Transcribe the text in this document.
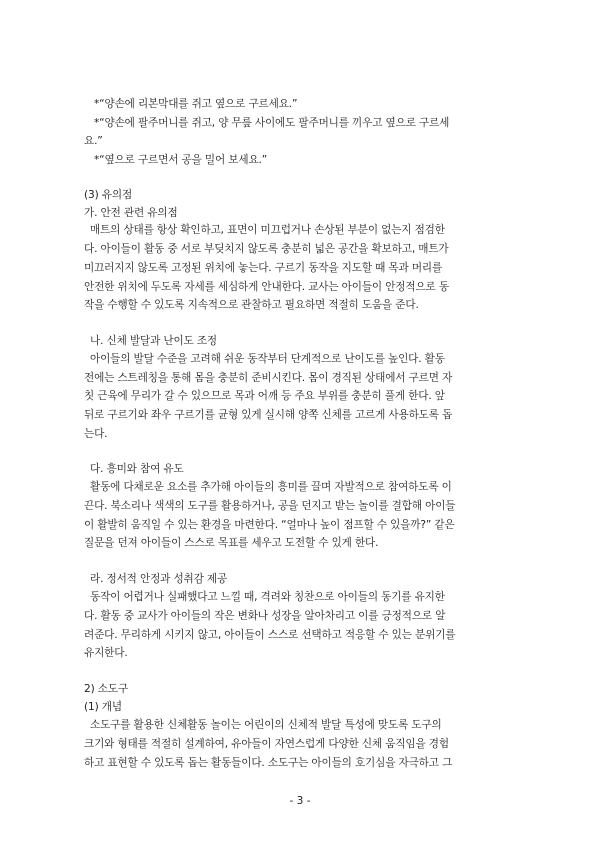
*“양손에 리본막대를 쥐고 옆으로 구르세요.”

*“양손에 팔주머니를 쥐고, 양 무릎 사이에도 팔주머니를 끼우고 옆으로 구르세

요.”

*“옆으로 구르면서 공을 밀어 보세요.”

(3) 유의점

가. 안전 관련 유의점

매트의 상태를 항상 확인하고, 표면이 미끄럽거나 손상된 부분이 없는지 점검한

다. 아이들이 활동 중 서로 부딪치지 않도록 충분히 넓은 공간을 확보하고, 매트가

미끄러지지 않도록 고정된 위치에 놓는다. 구르기 동작을 지도할 때 목과 머리를

안전한 위치에 두도록 자세를 세심하게 안내한다. 교사는 아이들이 안정적으로 동

작을 수행할 수 있도록 지속적으로 관찰하고 필요하면 적절히 도움을 준다.

나. 신체 발달과 난이도 조정

아이들의 발달 수준을 고려해 쉬운 동작부터 단계적으로 난이도를 높인다. 활동

전에는 스트레칭을 통해 몸을 충분히 준비시킨다. 몸이 경직된 상태에서 구르면 자

칫 근육에 무리가 갈 수 있으므로 목과 어깨 등 주요 부위를 충분히 풀게 한다. 앞

뒤로 구르기와 좌우 구르기를 균형 있게 실시해 양쪽 신체를 고르게 사용하도록 돕

는다.

다. 흥미와 참여 유도

활동에 다채로운 요소를 추가해 아이들의 흥미를 끌며 자발적으로 참여하도록 이

끈다. 북소리나 색색의 도구를 활용하거나, 공을 던지고 받는 놀이를 결합해 아이들

이 활발히 움직일 수 있는 환경을 마련한다. “얼마나 높이 점프할 수 있을까?” 같은

질문을 던져 아이들이 스스로 목표를 세우고 도전할 수 있게 한다.

라. 정서적 안정과 성취감 제공

동작이 어렵거나 실패했다고 느낄 때, 격려와 칭찬으로 아이들의 동기를 유지한

다. 활동 중 교사가 아이들의 작은 변화나 성장을 알아차리고 이를 긍정적으로 알

려준다. 무리하게 시키지 않고, 아이들이 스스로 선택하고 적응할 수 있는 분위기를

유지한다.

2) 소도구

(1) 개념

소도구를 활용한 신체활동 놀이는 어린이의 신체적 발달 특성에 맞도록 도구의

크기와 형태를 적절히 설계하여, 유아들이 자연스럽게 다양한 신체 움직임을 경험

하고 표현할 수 있도록 돕는 활동들이다. 소도구는 아이들의 호기심을 자극하고 그

- 3 -
